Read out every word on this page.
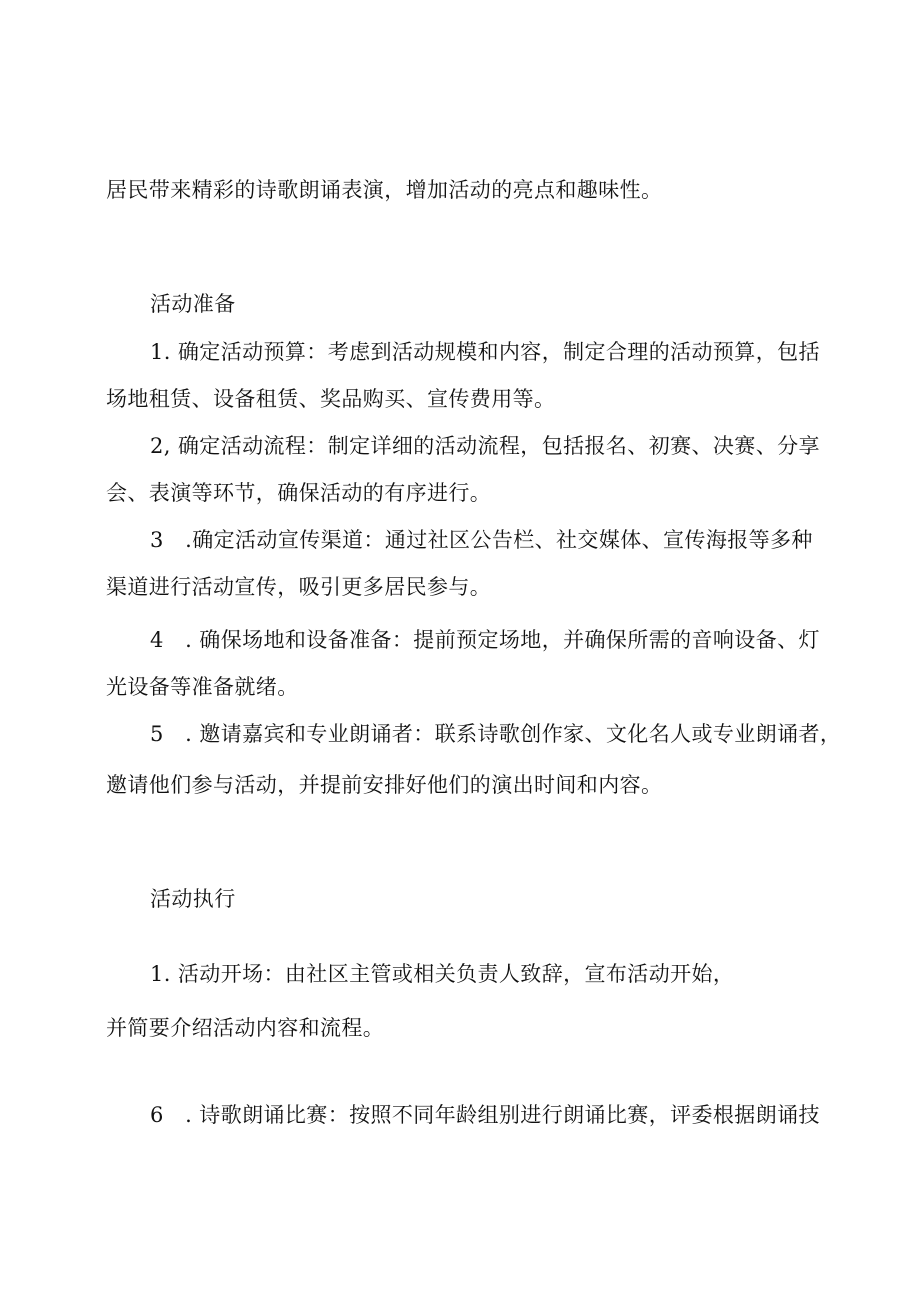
居民带来精彩的诗歌朗诵表演，增加活动的亮点和趣味性。
活动准备
1. 确定活动预算：考虑到活动规模和内容，制定合理的活动预算，包括
场地租赁、设备租赁、奖品购买、宣传费用等。
2, 确定活动流程：制定详细的活动流程，包括报名、初赛、决赛、分享
会、表演等环节，确保活动的有序进行。
3　.确定活动宣传渠道：通过社区公告栏、社交媒体、宣传海报等多种
渠道进行活动宣传，吸引更多居民参与。
4　. 确保场地和设备准备：提前预定场地，并确保所需的音响设备、灯
光设备等准备就绪。
5　. 邀请嘉宾和专业朗诵者：联系诗歌创作家、文化名人或专业朗诵者，
邀请他们参与活动，并提前安排好他们的演出时间和内容。
活动执行
1. 活动开场：由社区主管或相关负责人致辞，宣布活动开始，
并简要介绍活动内容和流程。
6　. 诗歌朗诵比赛：按照不同年龄组别进行朗诵比赛，评委根据朗诵技
